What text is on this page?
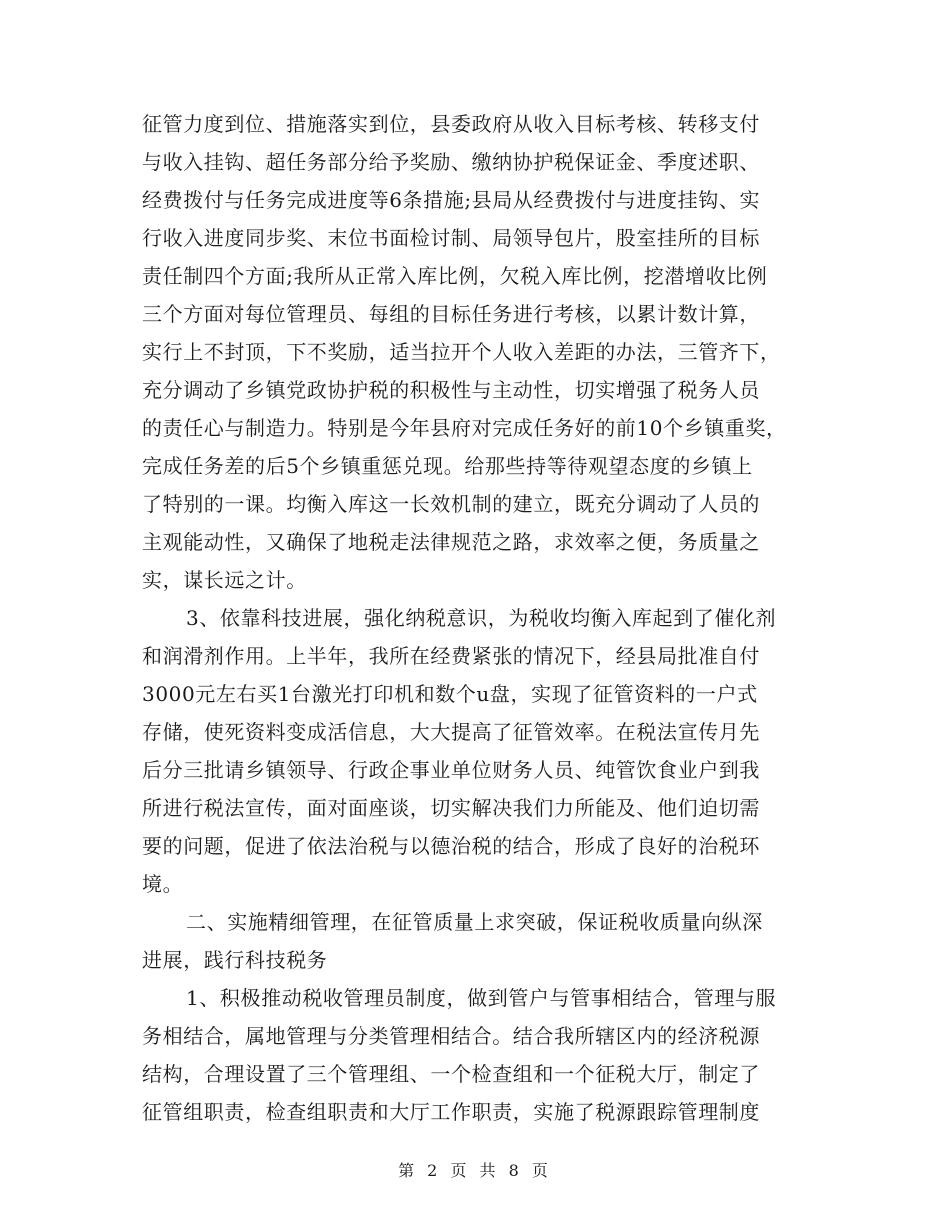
征管力度到位、措施落实到位，县委政府从收入目标考核、转移支付
与收入挂钩、超任务部分给予奖励、缴纳协护税保证金、季度述职、
经费拨付与任务完成进度等6条措施;县局从经费拨付与进度挂钩、实
行收入进度同步奖、末位书面检讨制、局领导包片，股室挂所的目标
责任制四个方面;我所从正常入库比例，欠税入库比例，挖潜增收比例
三个方面对每位管理员、每组的目标任务进行考核，以累计数计算，
实行上不封顶，下不奖励，适当拉开个人收入差距的办法，三管齐下，
充分调动了乡镇党政协护税的积极性与主动性，切实增强了税务人员
的责任心与制造力。特别是今年县府对完成任务好的前10个乡镇重奖，
完成任务差的后5个乡镇重惩兑现。给那些持等待观望态度的乡镇上
了特别的一课。均衡入库这一长效机制的建立，既充分调动了人员的
主观能动性，又确保了地税走法律规范之路，求效率之便，务质量之
实，谋长远之计。
3、依靠科技进展，强化纳税意识，为税收均衡入库起到了催化剂
和润滑剂作用。上半年，我所在经费紧张的情况下，经县局批准自付
3000元左右买1台激光打印机和数个u盘，实现了征管资料的一户式
存储，使死资料变成活信息，大大提高了征管效率。在税法宣传月先
后分三批请乡镇领导、行政企事业单位财务人员、纯管饮食业户到我
所进行税法宣传，面对面座谈，切实解决我们力所能及、他们迫切需
要的问题，促进了依法治税与以德治税的结合，形成了良好的治税环
境。
二、实施精细管理，在征管质量上求突破，保证税收质量向纵深
进展，践行科技税务
1、积极推动税收管理员制度，做到管户与管事相结合，管理与服
务相结合，属地管理与分类管理相结合。结合我所辖区内的经济税源
结构，合理设置了三个管理组、一个检查组和一个征税大厅，制定了
征管组职责，检查组职责和大厅工作职责，实施了税源跟踪管理制度
第 2 页 共 8 页
